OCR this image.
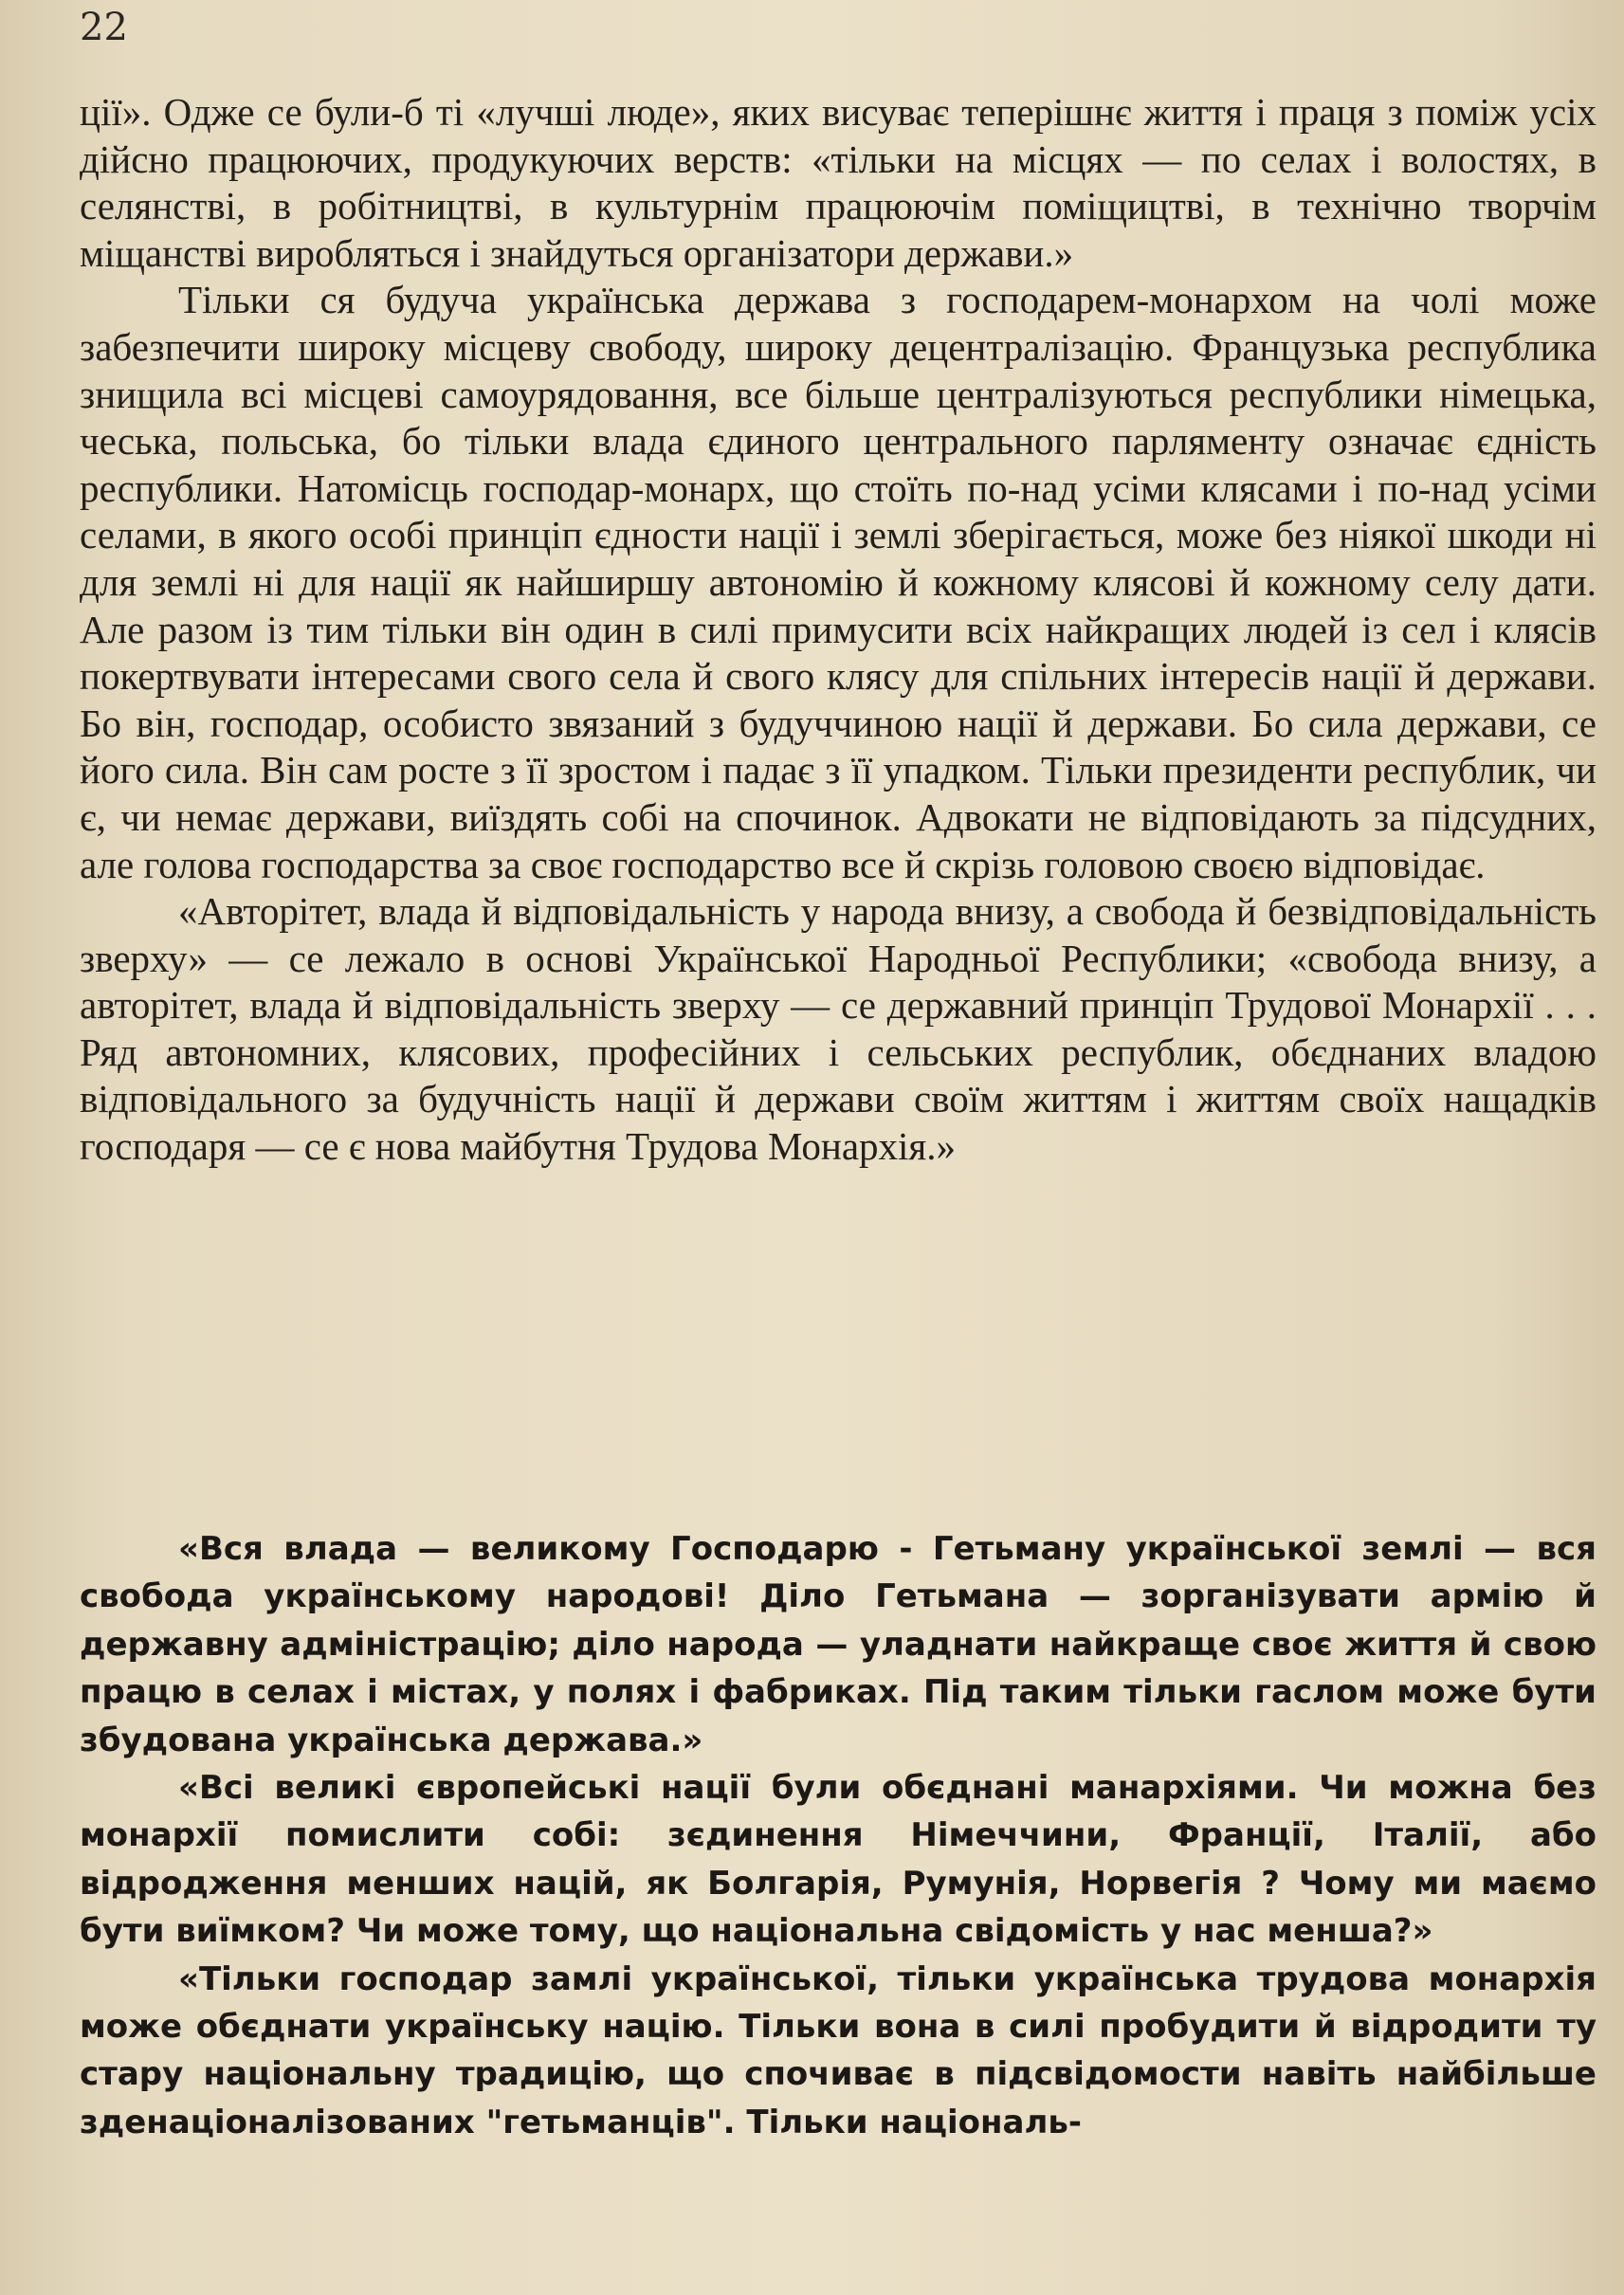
22

ції». Одже се були-б ті «лучші люде», яких висуває теперішнє життя і праця з поміж усіх дійсно працюючих, продукуючих верств: «тільки на місцях — по селах і волостях, в селянстві, в робітництві, в культурнім працюючім поміщицтві, в технічно творчім міщанстві виробляться і знайдуться організатори держави.»

Тільки ся будуча українська держава з господарем-монархом на чолі може забезпечити широку місцеву свободу, широку децентралізацію. Французька республика знищила всі місцеві самоурядовання, все більше централізуються республики німецька, чеська, польська, бо тільки влада єдиного центрального парляменту означає єдність республики. Натомісць господар-монарх, що стоїть по-над усіми клясами і по-над усіми селами, в якого особі принціп єдности нації і землі зберігається, може без ніякої шкоди ні для землі ні для нації як найширшу автономію й кожному клясові й кожному селу дати. Але разом із тим тільки він один в силі примусити всіх найкращих людей із сел і клясів покертвувати інтересами свого села й свого клясу для спільних інтересів нації й держави. Бо він, господар, особисто звязаний з будуччиною нації й держави. Бо сила держави, се його сила. Він сам росте з її зростом і падає з її упадком. Тільки президенти республик, чи є, чи немає держави, виїздять собі на спочинок. Адвокати не відповідають за підсудних, але голова господарства за своє господарство все й скрізь головою своєю відповідає.

«Авторітет, влада й відповідальність у народа внизу, а свобода й безвідповідальність зверху» — се лежало в основі Української Народньої Республики; «свобода внизу, а авторітет, влада й відповідальність зверху — се державний принціп Трудової Монархії . . . Ряд автономних, клясових, професійних і сельських республик, обєднаних владою відповідального за будучність нації й держави своїм життям і життям своїх нащадків господаря — се є нова майбутня Трудова Монархія.»

«Вся влада — великому Господарю - Гетьману української землі — вся свобода українському народові! Діло Гетьмана — зорганізувати армію й державну адміністрацію; діло народа — уладнати найкраще своє життя й свою працю в селах і містах, у полях і фабриках. Під таким тільки гаслом може бути збудована українська держава.»

«Всі великі європейські нації були обєднані манархіями. Чи можна без монархії помислити собі: зєдинення Німеччини, Франції, Італії, або відродження менших націй, як Болгарія, Румунія, Норвегія ? Чому ми маємо бути виїмком? Чи може тому, що національна свідомість у нас менша?»

«Тільки господар замлі української, тільки українська трудова монархія може обєднати українську націю. Тільки вона в силі пробудити й відродити ту стару національну традицію, що спочиває в підсвідомости навіть найбільше зденаціоналізованих "гетьманців". Тільки національ-
